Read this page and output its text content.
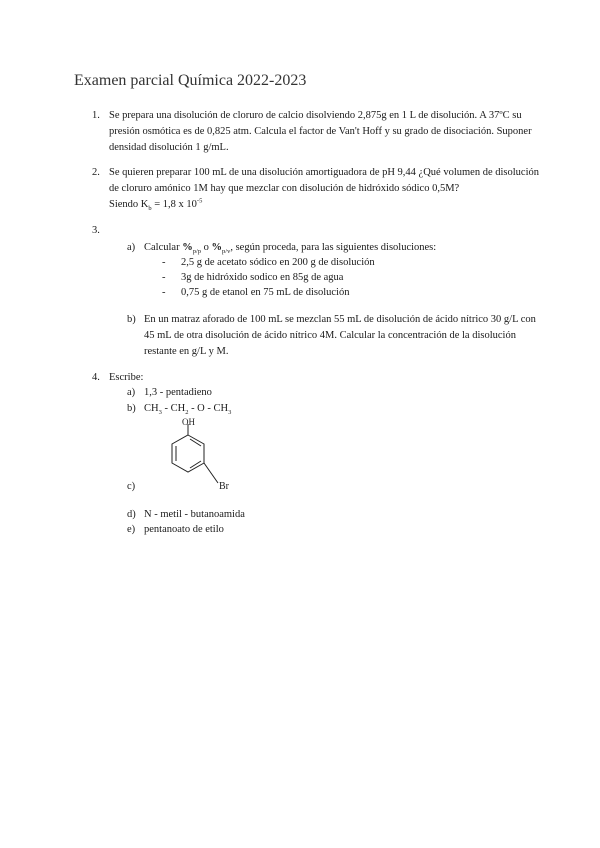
Examen parcial Química 2022-2023
1. Se prepara una disolución de cloruro de calcio disolviendo 2,875g en 1 L de disolución. A 37ºC su presión osmótica es de 0,825 atm. Calcula el factor de Van't Hoff y su grado de disociación. Suponer densidad disolución 1 g/mL.
2. Se quieren preparar 100 mL de una disolución amortiguadora de pH 9,44 ¿Qué volumen de disolución de cloruro amónico 1M hay que mezclar con disolución de hidróxido sódico 0,5M?
Siendo $K_b = 1,8$ x $10^{-5}$
3.
a) Calcular $\%_{p/p}$ o $\%_{p/v}$, según proceda, para las siguientes disoluciones:
- 2,5 g de acetato sódico en 200 g de disolución
- 3g de hidróxido sodico en 85g de agua
- 0,75 g de etanol en 75 mL de disolución
b) En un matraz aforado de 100 mL se mezclan 55 mL de disolución de ácido nítrico 30 g/L con 45 mL de otra disolución de ácido nítrico 4M. Calcular la concentración de la disolución restante en g/L y M.
4. Escribe:
a) 1,3 - pentadieno
b) $CH_3 - CH_2$ - O - $CH_3$
OH
Br
c)
d) N - metil - butanoamida
e) pentanoato de etilo
